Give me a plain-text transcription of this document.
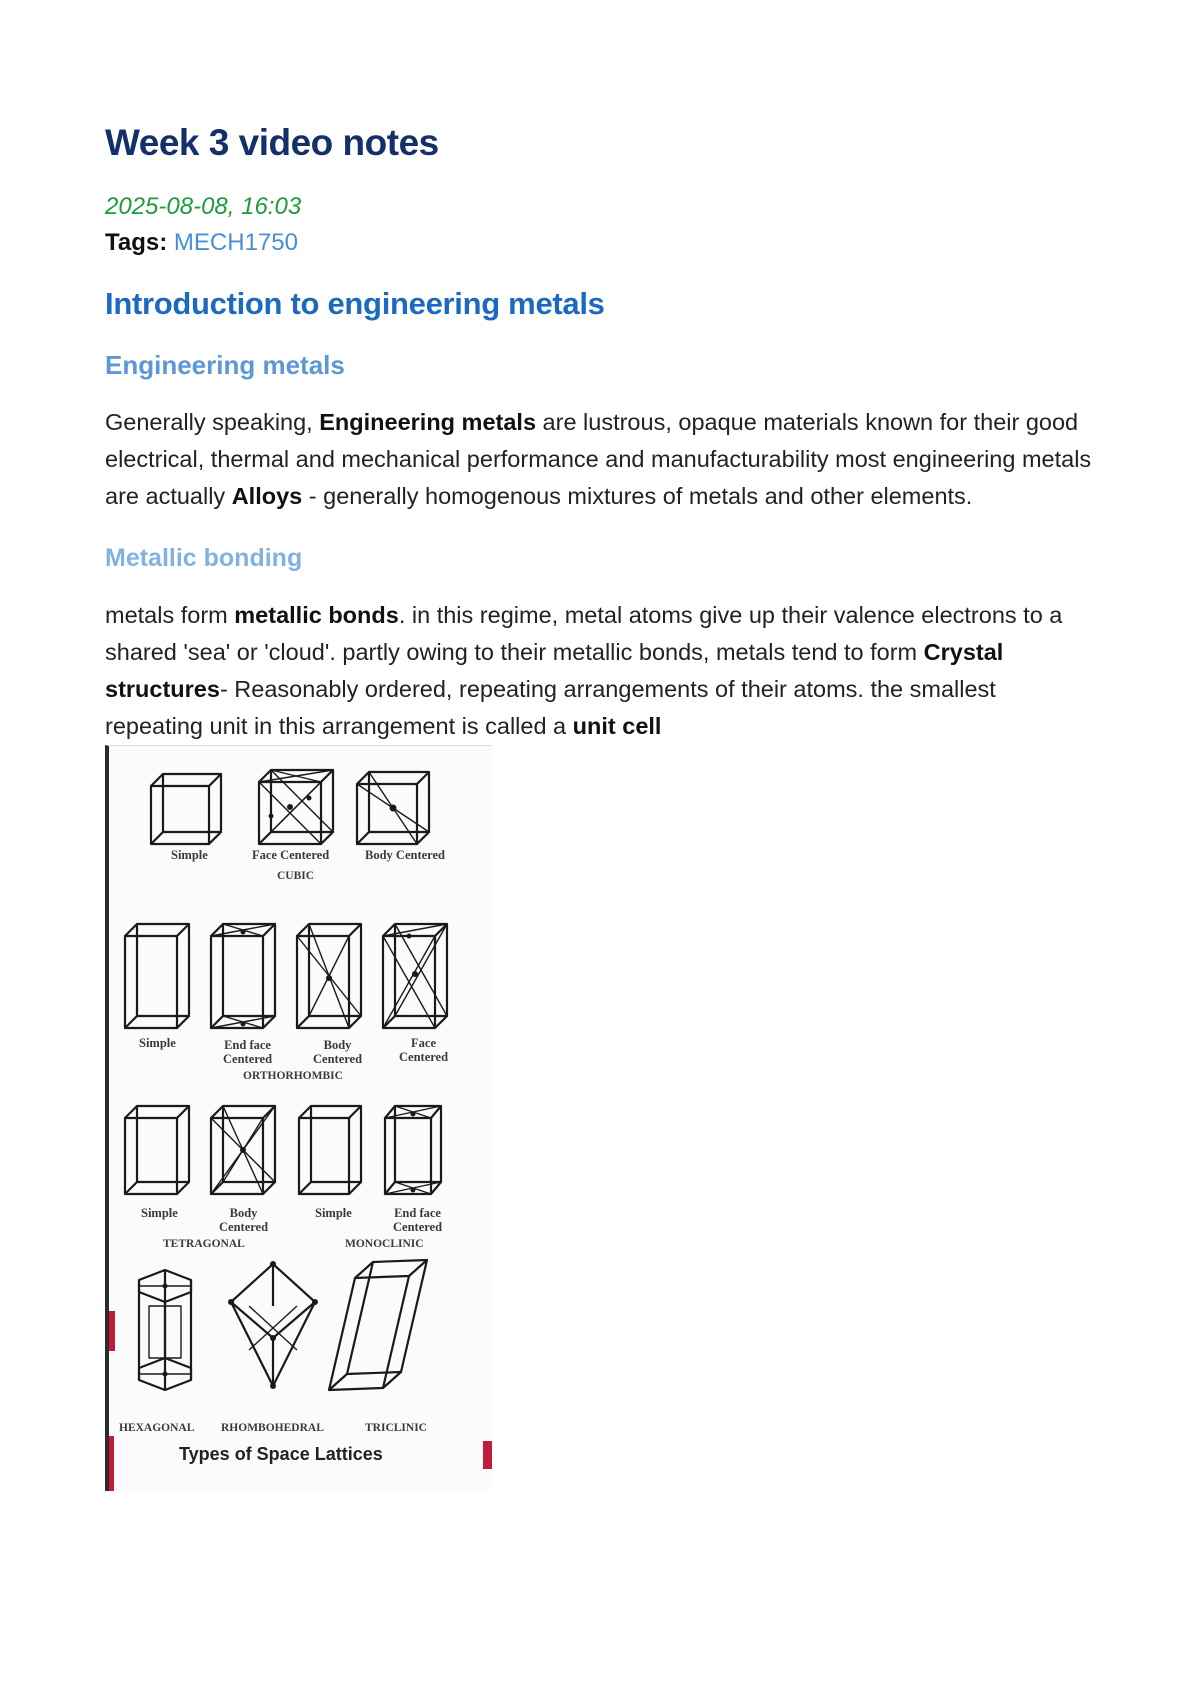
Week 3 video notes
2025-08-08, 16:03
Tags: MECH1750
Introduction to engineering metals
Engineering metals

Generally speaking, Engineering metals are lustrous, opaque materials known for their good electrical, thermal and mechanical performance and manufacturability most engineering metals are actually Alloys - generally homogenous mixtures of metals and other elements.

Metallic bonding

metals form metallic bonds. in this regime, metal atoms give up their valence electrons to a shared 'sea' or 'cloud'. partly owing to their metallic bonds, metals tend to form Crystal structures- Reasonably ordered, repeating arrangements of their atoms. the smallest repeating unit in this arrangement is called a unit cell

Simple	Face Centered	Body Centered
CUBIC
Simple	End face
Centered
Body
Centered
Face
Centered
ORTHORHOMBIC
Simple	Body
Centered
Simple	End face
Centered
TETRAGONAL	MONOCLINIC
HEXAGONAL RHOMBOHEDRAL	TRICLINIC
Types of Space Lattices
